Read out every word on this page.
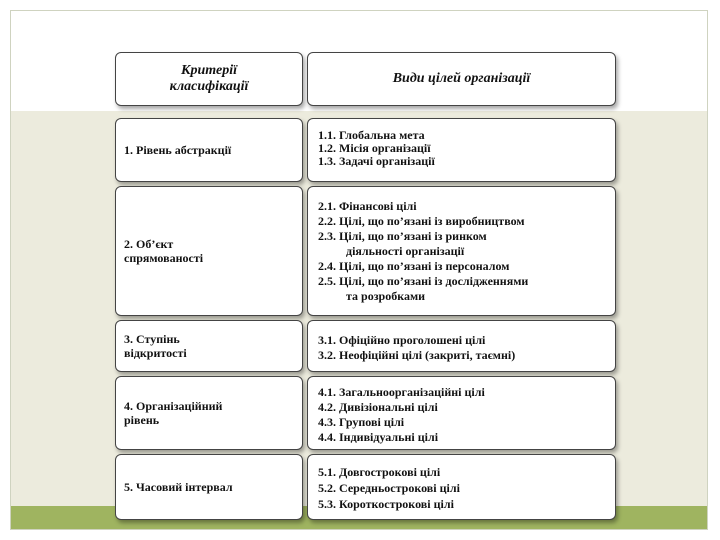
Критерії класифікації
Види цілей організації
1. Рівень абстракції
1.1. Глобальна мета
1.2. Місія організації
1.3. Задачі організації
2. Об’єкт
спрямованості
2.1. Фінансові цілі
2.2. Цілі, що по’язані із виробництвом
2.3. Цілі, що по’язані із ринком
діяльності організації
2.4. Цілі, що по’язані із персоналом
2.5. Цілі, що по’язані із дослідженнями
та розробками
3. Ступінь
відкритості
3.1. Офіційно проголошені цілі
3.2. Неофіційні цілі (закриті, таємні)
4. Організаційний
рівень
4.1. Загальноорганізаційні цілі
4.2. Дивізіональні цілі
4.3. Групові цілі
4.4. Індивідуальні цілі
5. Часовий інтервал
5.1. Довгострокові цілі
5.2. Середньострокові цілі
5.3. Короткострокові цілі
